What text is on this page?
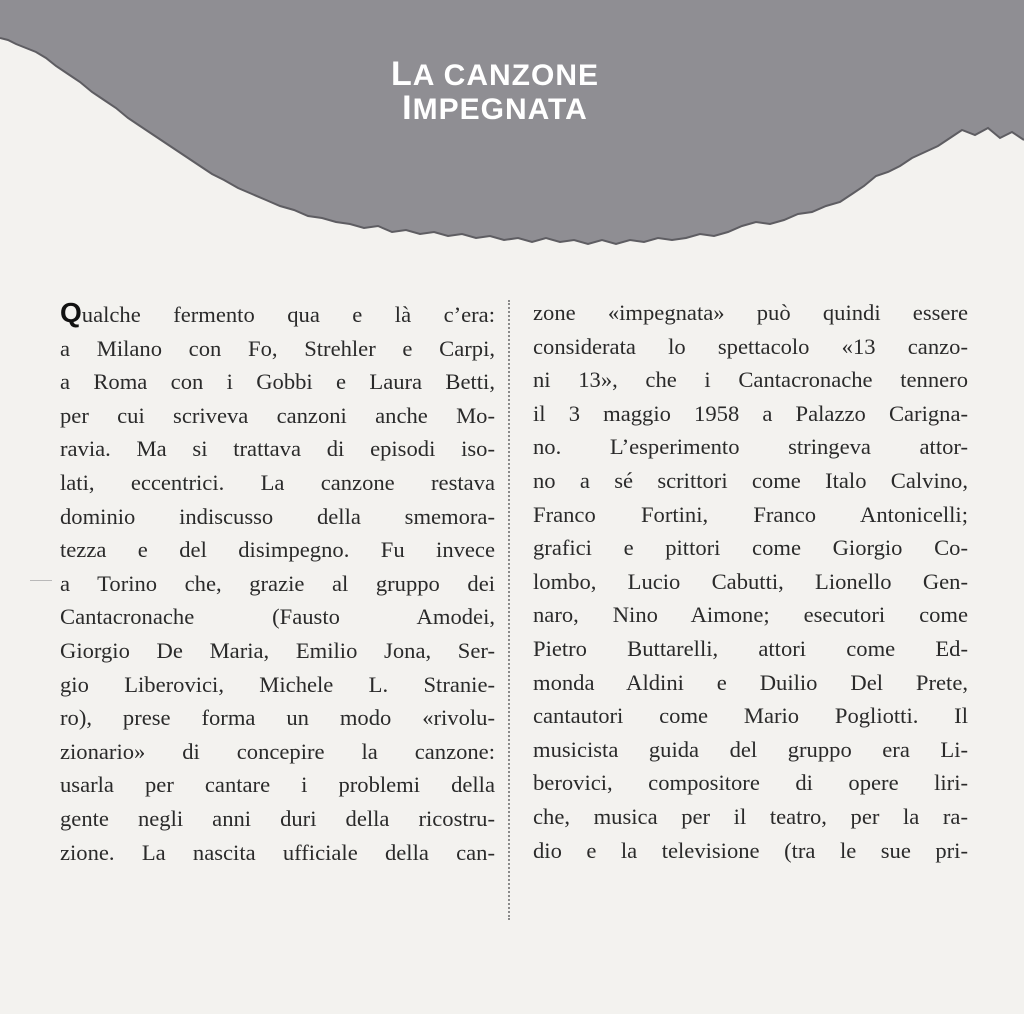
LA CANZONE
IMPEGNATA
Qualche fermento qua e là c’era:
a Milano con Fo, Strehler e Carpi,
a Roma con i Gobbi e Laura Betti,
per cui scriveva canzoni anche Mo-
ravia. Ma si trattava di episodi iso-
lati, eccentrici. La canzone restava
dominio indiscusso della smemora-
tezza e del disimpegno. Fu invece
a Torino che, grazie al gruppo dei
Cantacronache (Fausto Amodei,
Giorgio De Maria, Emilio Jona, Ser-
gio Liberovici, Michele L. Stranie-
ro), prese forma un modo «rivolu-
zionario» di concepire la canzone:
usarla per cantare i problemi della
gente negli anni duri della ricostru-
zione. La nascita ufficiale della can-
zone «impegnata» può quindi essere
considerata lo spettacolo «13 canzo-
ni 13», che i Cantacronache tennero
il 3 maggio 1958 a Palazzo Carigna-
no. L’esperimento stringeva attor-
no a sé scrittori come Italo Calvino,
Franco Fortini, Franco Antonicelli;
grafici e pittori come Giorgio Co-
lombo, Lucio Cabutti, Lionello Gen-
naro, Nino Aimone; esecutori come
Pietro Buttarelli, attori come Ed-
monda Aldini e Duilio Del Prete,
cantautori come Mario Pogliotti. Il
musicista guida del gruppo era Li-
berovici, compositore di opere liri-
che, musica per il teatro, per la ra-
dio e la televisione (tra le sue pri-
